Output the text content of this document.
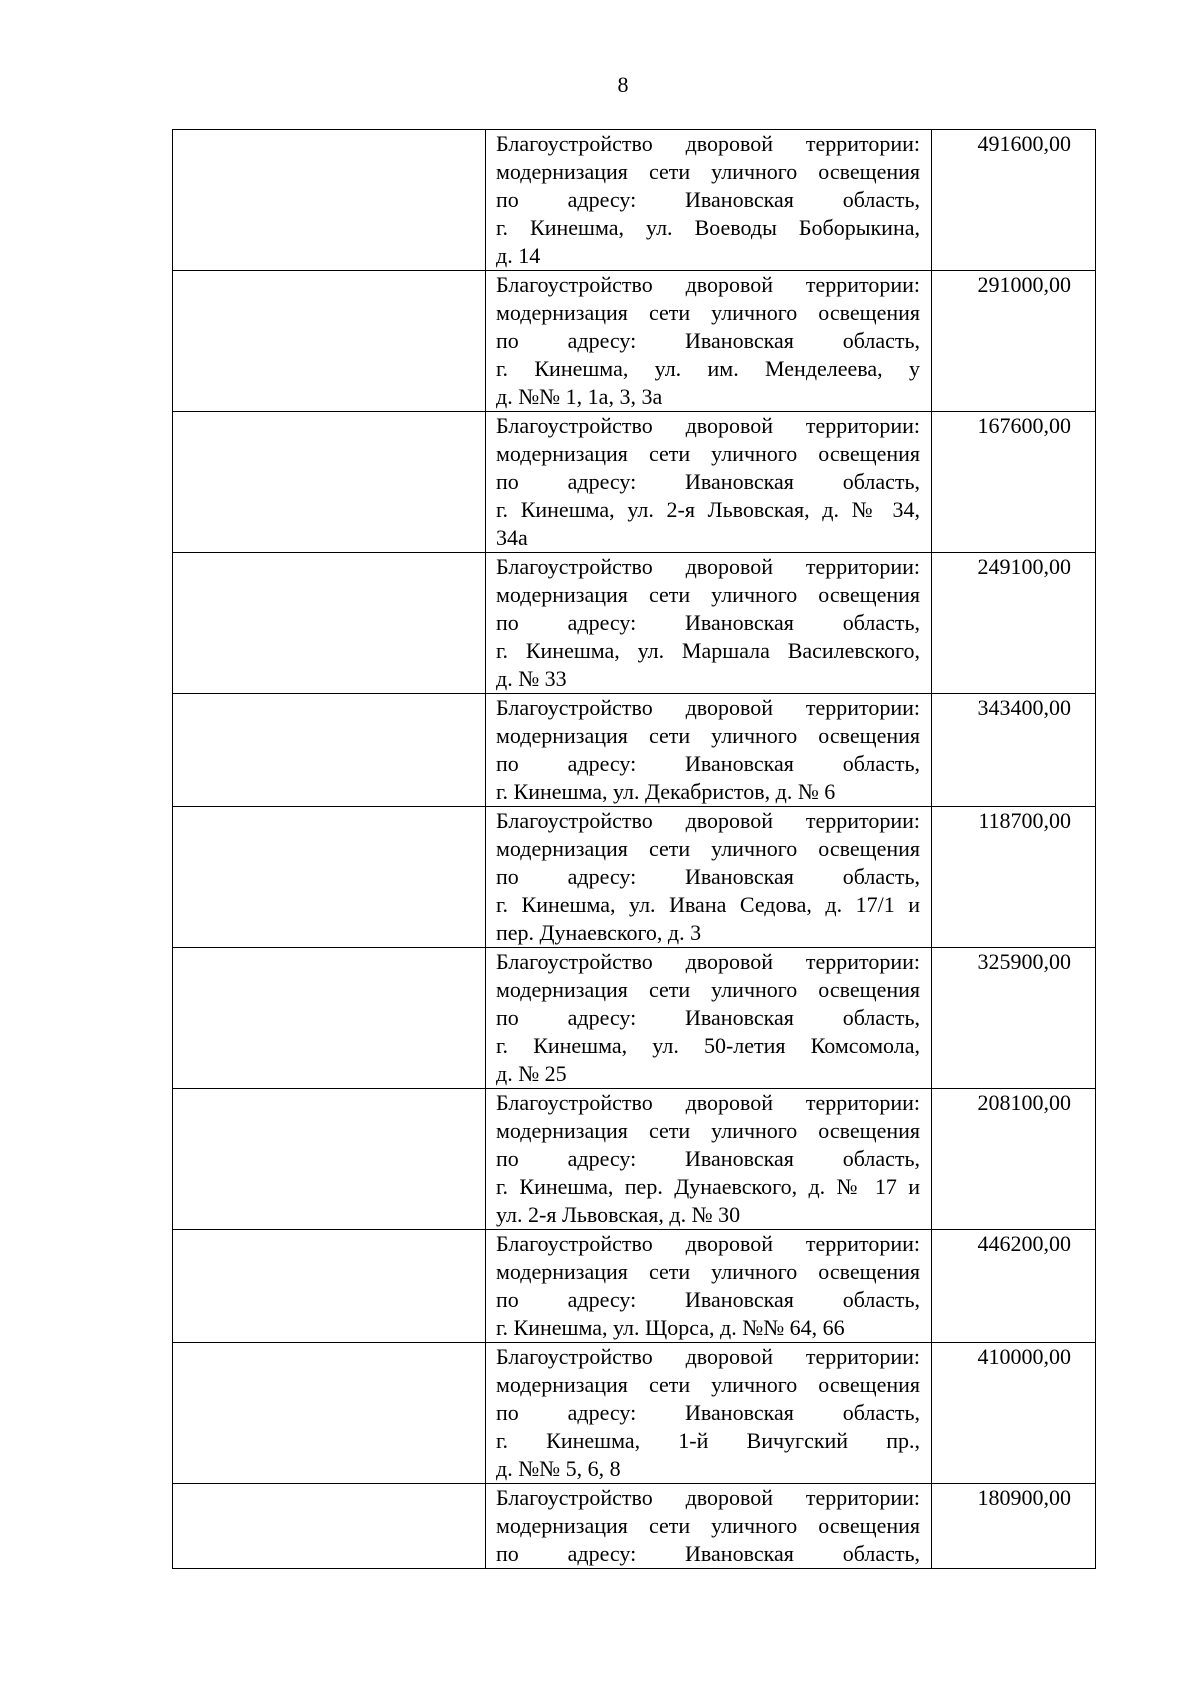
8

	Благоустройство дворовой территории:
модернизация сети уличного освещения
по адресу: Ивановская область,
г. Кинешма, ул. Воеводы Боборыкина,
д. 14	491600,00

	Благоустройство дворовой территории:
модернизация сети уличного освещения
по адресу: Ивановская область,
г. Кинешма, ул. им. Менделеева, у
д. №№ 1, 1а, 3, 3а	291000,00

	Благоустройство дворовой территории:
модернизация сети уличного освещения
по адресу: Ивановская область,
г. Кинешма, ул. 2-я Львовская, д. № 34,
34а	167600,00

	Благоустройство дворовой территории:
модернизация сети уличного освещения
по адресу: Ивановская область,
г. Кинешма, ул. Маршала Василевского,
д. № 33	249100,00

	Благоустройство дворовой территории:
модернизация сети уличного освещения
по адресу: Ивановская область,
г. Кинешма, ул. Декабристов, д. № 6	343400,00

	Благоустройство дворовой территории:
модернизация сети уличного освещения
по адресу: Ивановская область,
г. Кинешма, ул. Ивана Седова, д. 17/1 и
пер. Дунаевского, д. 3	118700,00

	Благоустройство дворовой территории:
модернизация сети уличного освещения
по адресу: Ивановская область,
г. Кинешма, ул. 50-летия Комсомола,
д. № 25	325900,00

	Благоустройство дворовой территории:
модернизация сети уличного освещения
по адресу: Ивановская область,
г. Кинешма, пер. Дунаевского, д. № 17 и
ул. 2-я Львовская, д. № 30	208100,00

	Благоустройство дворовой территории:
модернизация сети уличного освещения
по адресу: Ивановская область,
г. Кинешма, ул. Щорса, д. №№ 64, 66	446200,00

	Благоустройство дворовой территории:
модернизация сети уличного освещения
по адресу: Ивановская область,
г. Кинешма, 1-й Вичугский пр.,
д. №№ 5, 6, 8	410000,00

	Благоустройство дворовой территории:
модернизация сети уличного освещения
по адресу: Ивановская область,	180900,00
